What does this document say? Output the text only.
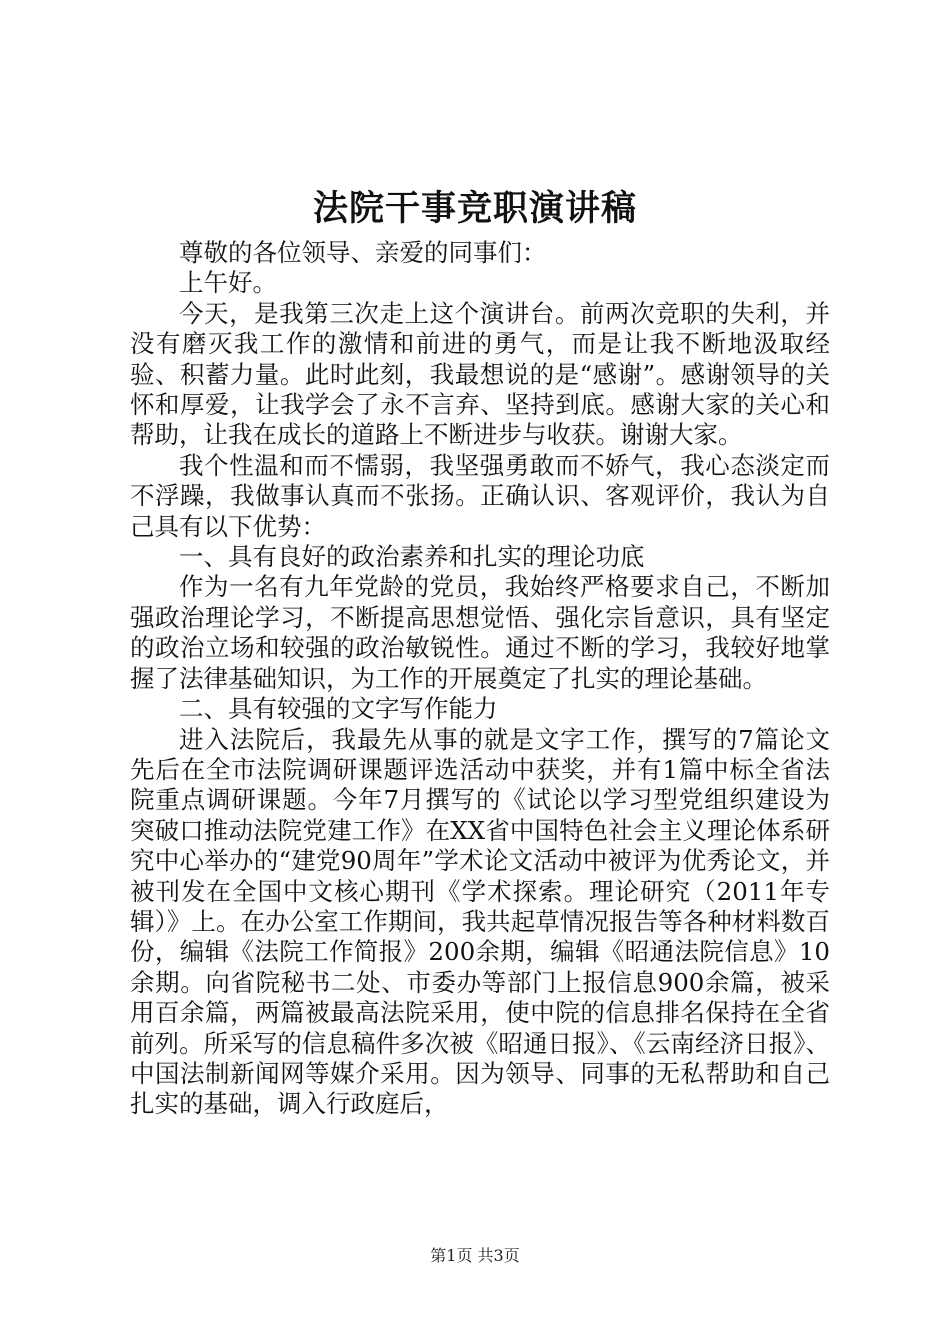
法院干事竞职演讲稿

尊敬的各位领导、亲爱的同事们：

上午好。

今天，是我第三次走上这个演讲台。前两次竞职的失利，并没有磨灭我工作的激情和前进的勇气，而是让我不断地汲取经验、积蓄力量。此时此刻，我最想说的是“感谢”。感谢领导的关怀和厚爱，让我学会了永不言弃、坚持到底。感谢大家的关心和帮助，让我在成长的道路上不断进步与收获。谢谢大家。

我个性温和而不懦弱，我坚强勇敢而不娇气，我心态淡定而不浮躁，我做事认真而不张扬。正确认识、客观评价，我认为自己具有以下优势：

一、具有良好的政治素养和扎实的理论功底

作为一名有九年党龄的党员，我始终严格要求自己，不断加强政治理论学习，不断提高思想觉悟、强化宗旨意识，具有坚定的政治立场和较强的政治敏锐性。通过不断的学习，我较好地掌握了法律基础知识，为工作的开展奠定了扎实的理论基础。

二、具有较强的文字写作能力

进入法院后，我最先从事的就是文字工作，撰写的7篇论文先后在全市法院调研课题评选活动中获奖，并有1篇中标全省法院重点调研课题。今年7月撰写的《试论以学习型党组织建设为突破口推动法院党建工作》在XX省中国特色社会主义理论体系研究中心举办的“建党90周年”学术论文活动中被评为优秀论文，并被刊发在全国中文核心期刊《学术探索。理论研究（2011年专辑）》上。在办公室工作期间，我共起草情况报告等各种材料数百份，编辑《法院工作简报》200余期，编辑《昭通法院信息》10余期。向省院秘书二处、市委办等部门上报信息900余篇，被采用百余篇，两篇被最高法院采用，使中院的信息排名保持在全省前列。所采写的信息稿件多次被《昭通日报》、《云南经济日报》、中国法制新闻网等媒介采用。因为领导、同事的无私帮助和自己扎实的基础，调入行政庭后，

第1页 共3页
